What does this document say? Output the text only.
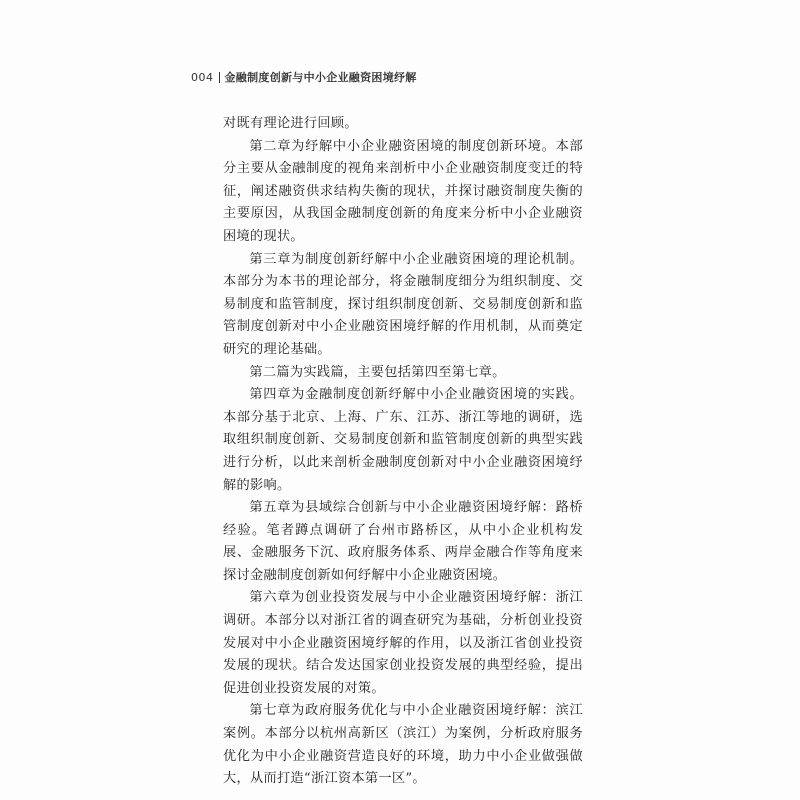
004 金融制度创新与中小企业融资困境纾解

对既有理论进行回顾。

第二章为纾解中小企业融资困境的制度创新环境。本部分主要从金融制度的视角来剖析中小企业融资制度变迁的特征，阐述融资供求结构失衡的现状，并探讨融资制度失衡的主要原因，从我国金融制度创新的角度来分析中小企业融资困境的现状。

第三章为制度创新纾解中小企业融资困境的理论机制。本部分为本书的理论部分，将金融制度细分为组织制度、交易制度和监管制度，探讨组织制度创新、交易制度创新和监管制度创新对中小企业融资困境纾解的作用机制，从而奠定研究的理论基础。

第二篇为实践篇，主要包括第四至第七章。

第四章为金融制度创新纾解中小企业融资困境的实践。本部分基于北京、上海、广东、江苏、浙江等地的调研，选取组织制度创新、交易制度创新和监管制度创新的典型实践进行分析，以此来剖析金融制度创新对中小企业融资困境纾解的影响。

第五章为县域综合创新与中小企业融资困境纾解：路桥经验。笔者蹲点调研了台州市路桥区，从中小企业机构发展、金融服务下沉、政府服务体系、两岸金融合作等角度来探讨金融制度创新如何纾解中小企业融资困境。

第六章为创业投资发展与中小企业融资困境纾解：浙江调研。本部分以对浙江省的调查研究为基础，分析创业投资发展对中小企业融资困境纾解的作用，以及浙江省创业投资发展的现状。结合发达国家创业投资发展的典型经验，提出促进创业投资发展的对策。

第七章为政府服务优化与中小企业融资困境纾解：滨江案例。本部分以杭州高新区（滨江）为案例，分析政府服务优化为中小企业融资营造良好的环境，助力中小企业做强做大，从而打造“浙江资本第一区”。
